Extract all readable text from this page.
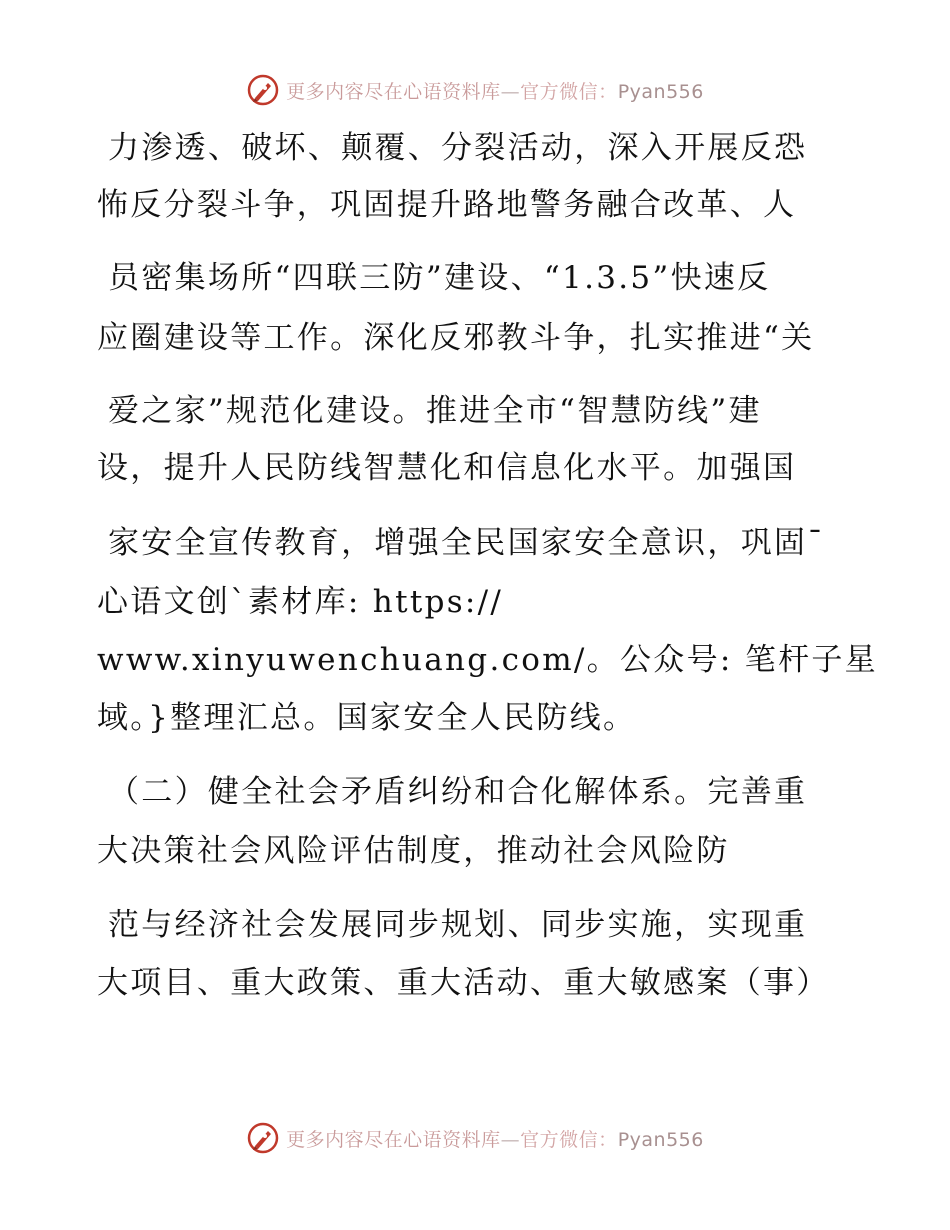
更多内容尽在心语资料库—官方微信：Pyan556
力渗透、破坏、颠覆、分裂活动，深入开展反恐
怖反分裂斗争，巩固提升路地警务融合改革、人
员密集场所“四联三防”建设、“1.3.5”快速反
应圈建设等工作。深化反邪教斗争，扎实推进“关
爱之家”规范化建设。推进全市“智慧防线”建
设，提升人民防线智慧化和信息化水平。加强国
家安全宣传教育，增强全民国家安全意识，巩固¯
心语文创`素材库: https://
www.xinyuwenchuang.com/。公众号: 笔杆子星
域。}整理汇总。国家安全人民防线。
（二）健全社会矛盾纠纷和合化解体系。完善重
大决策社会风险评估制度，推动社会风险防
范与经济社会发展同步规划、同步实施，实现重
大项目、重大政策、重大活动、重大敏感案（事）
更多内容尽在心语资料库—官方微信：Pyan556
